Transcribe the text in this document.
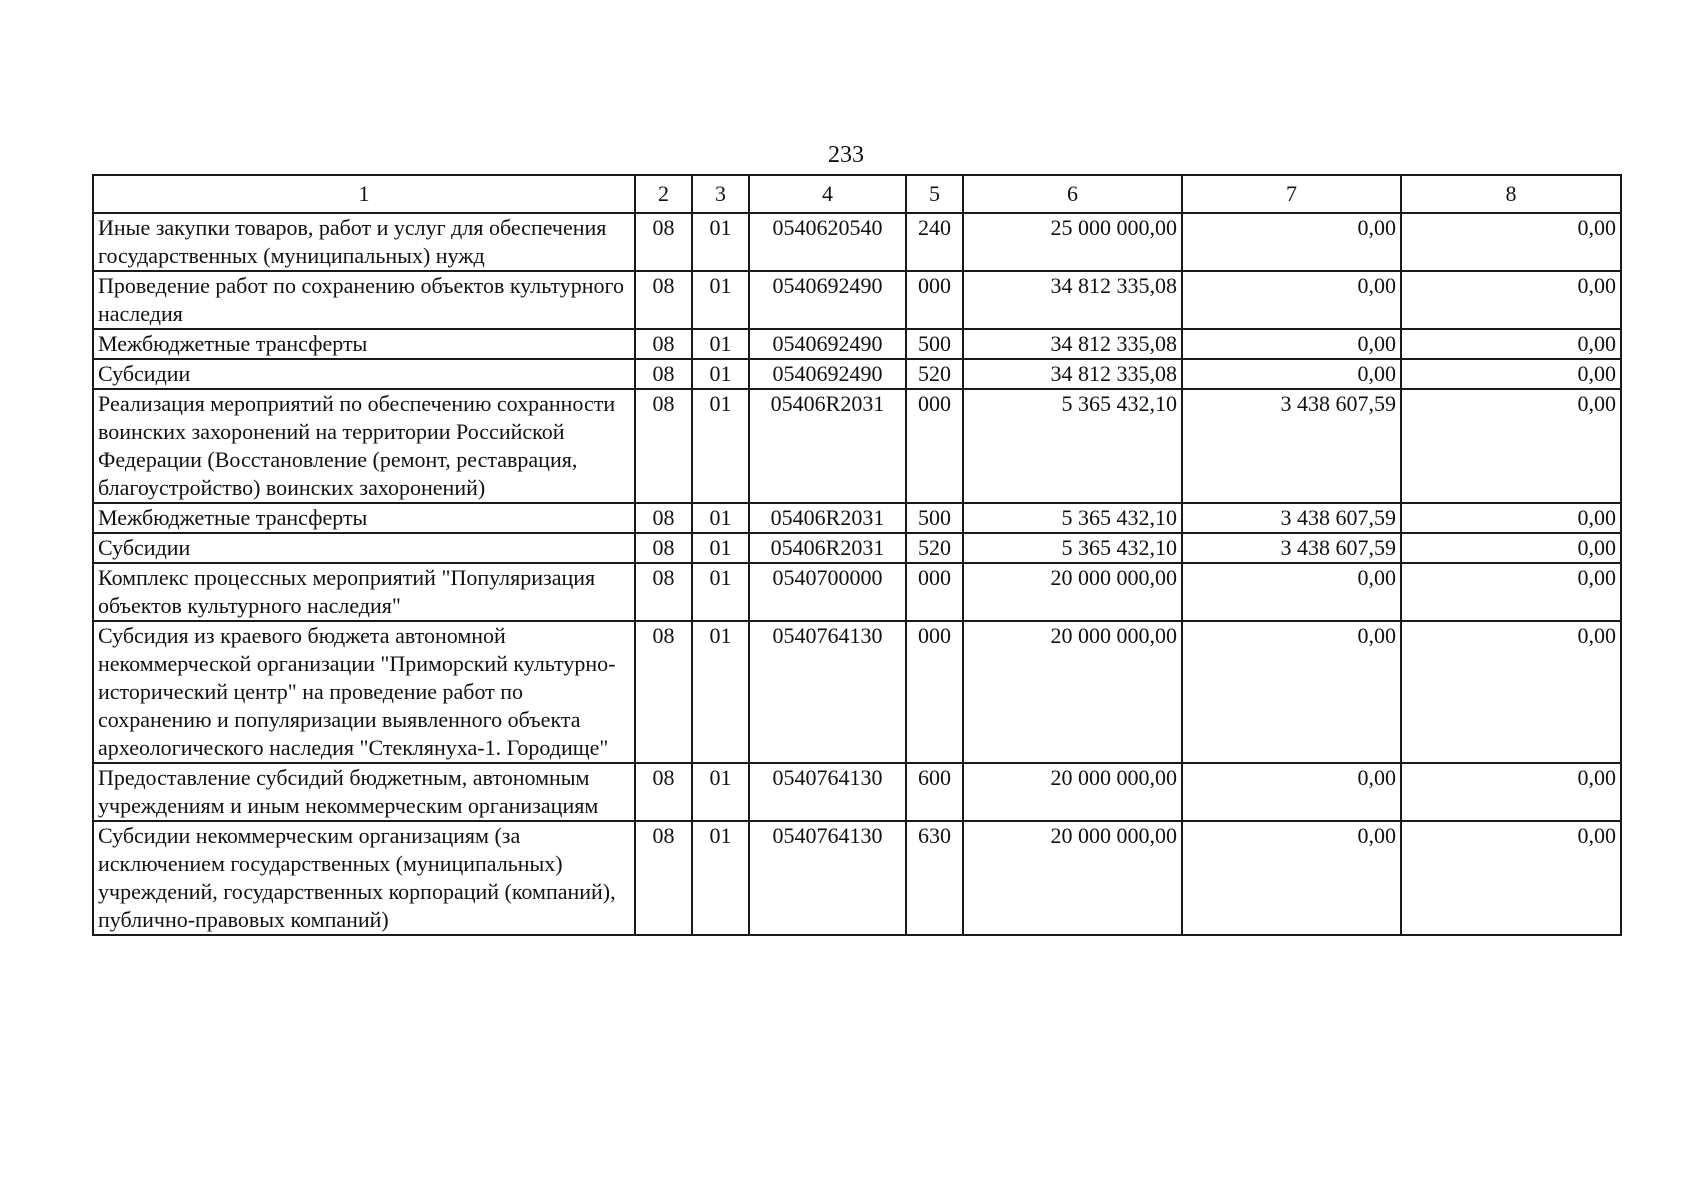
233
1	2	3	4	5	6	7	8
Иные закупки товаров, работ и услуг для обеспечения государственных (муниципальных) нужд	08	01	0540620540	240	25 000 000,00	0,00	0,00
Проведение работ по сохранению объектов культурного наследия	08	01	0540692490	000	34 812 335,08	0,00	0,00
Межбюджетные трансферты	08	01	0540692490	500	34 812 335,08	0,00	0,00
Субсидии	08	01	0540692490	520	34 812 335,08	0,00	0,00
Реализация мероприятий по обеспечению сохранности воинских захоронений на территории Российской Федерации (Восстановление (ремонт, реставрация, благоустройство) воинских захоронений)	08	01	05406R2031	000	5 365 432,10	3 438 607,59	0,00
Межбюджетные трансферты	08	01	05406R2031	500	5 365 432,10	3 438 607,59	0,00
Субсидии	08	01	05406R2031	520	5 365 432,10	3 438 607,59	0,00
Комплекс процессных мероприятий "Популяризация объектов культурного наследия"	08	01	0540700000	000	20 000 000,00	0,00	0,00
Субсидия из краевого бюджета автономной некоммерческой организации "Приморский культурно-исторический центр" на проведение работ по сохранению и популяризации выявленного объекта археологического наследия "Стеклянуха-1. Городище"	08	01	0540764130	000	20 000 000,00	0,00	0,00
Предоставление субсидий бюджетным, автономным учреждениям и иным некоммерческим организациям	08	01	0540764130	600	20 000 000,00	0,00	0,00
Субсидии некоммерческим организациям (за исключением государственных (муниципальных) учреждений, государственных корпораций (компаний), публично-правовых компаний)	08	01	0540764130	630	20 000 000,00	0,00	0,00
